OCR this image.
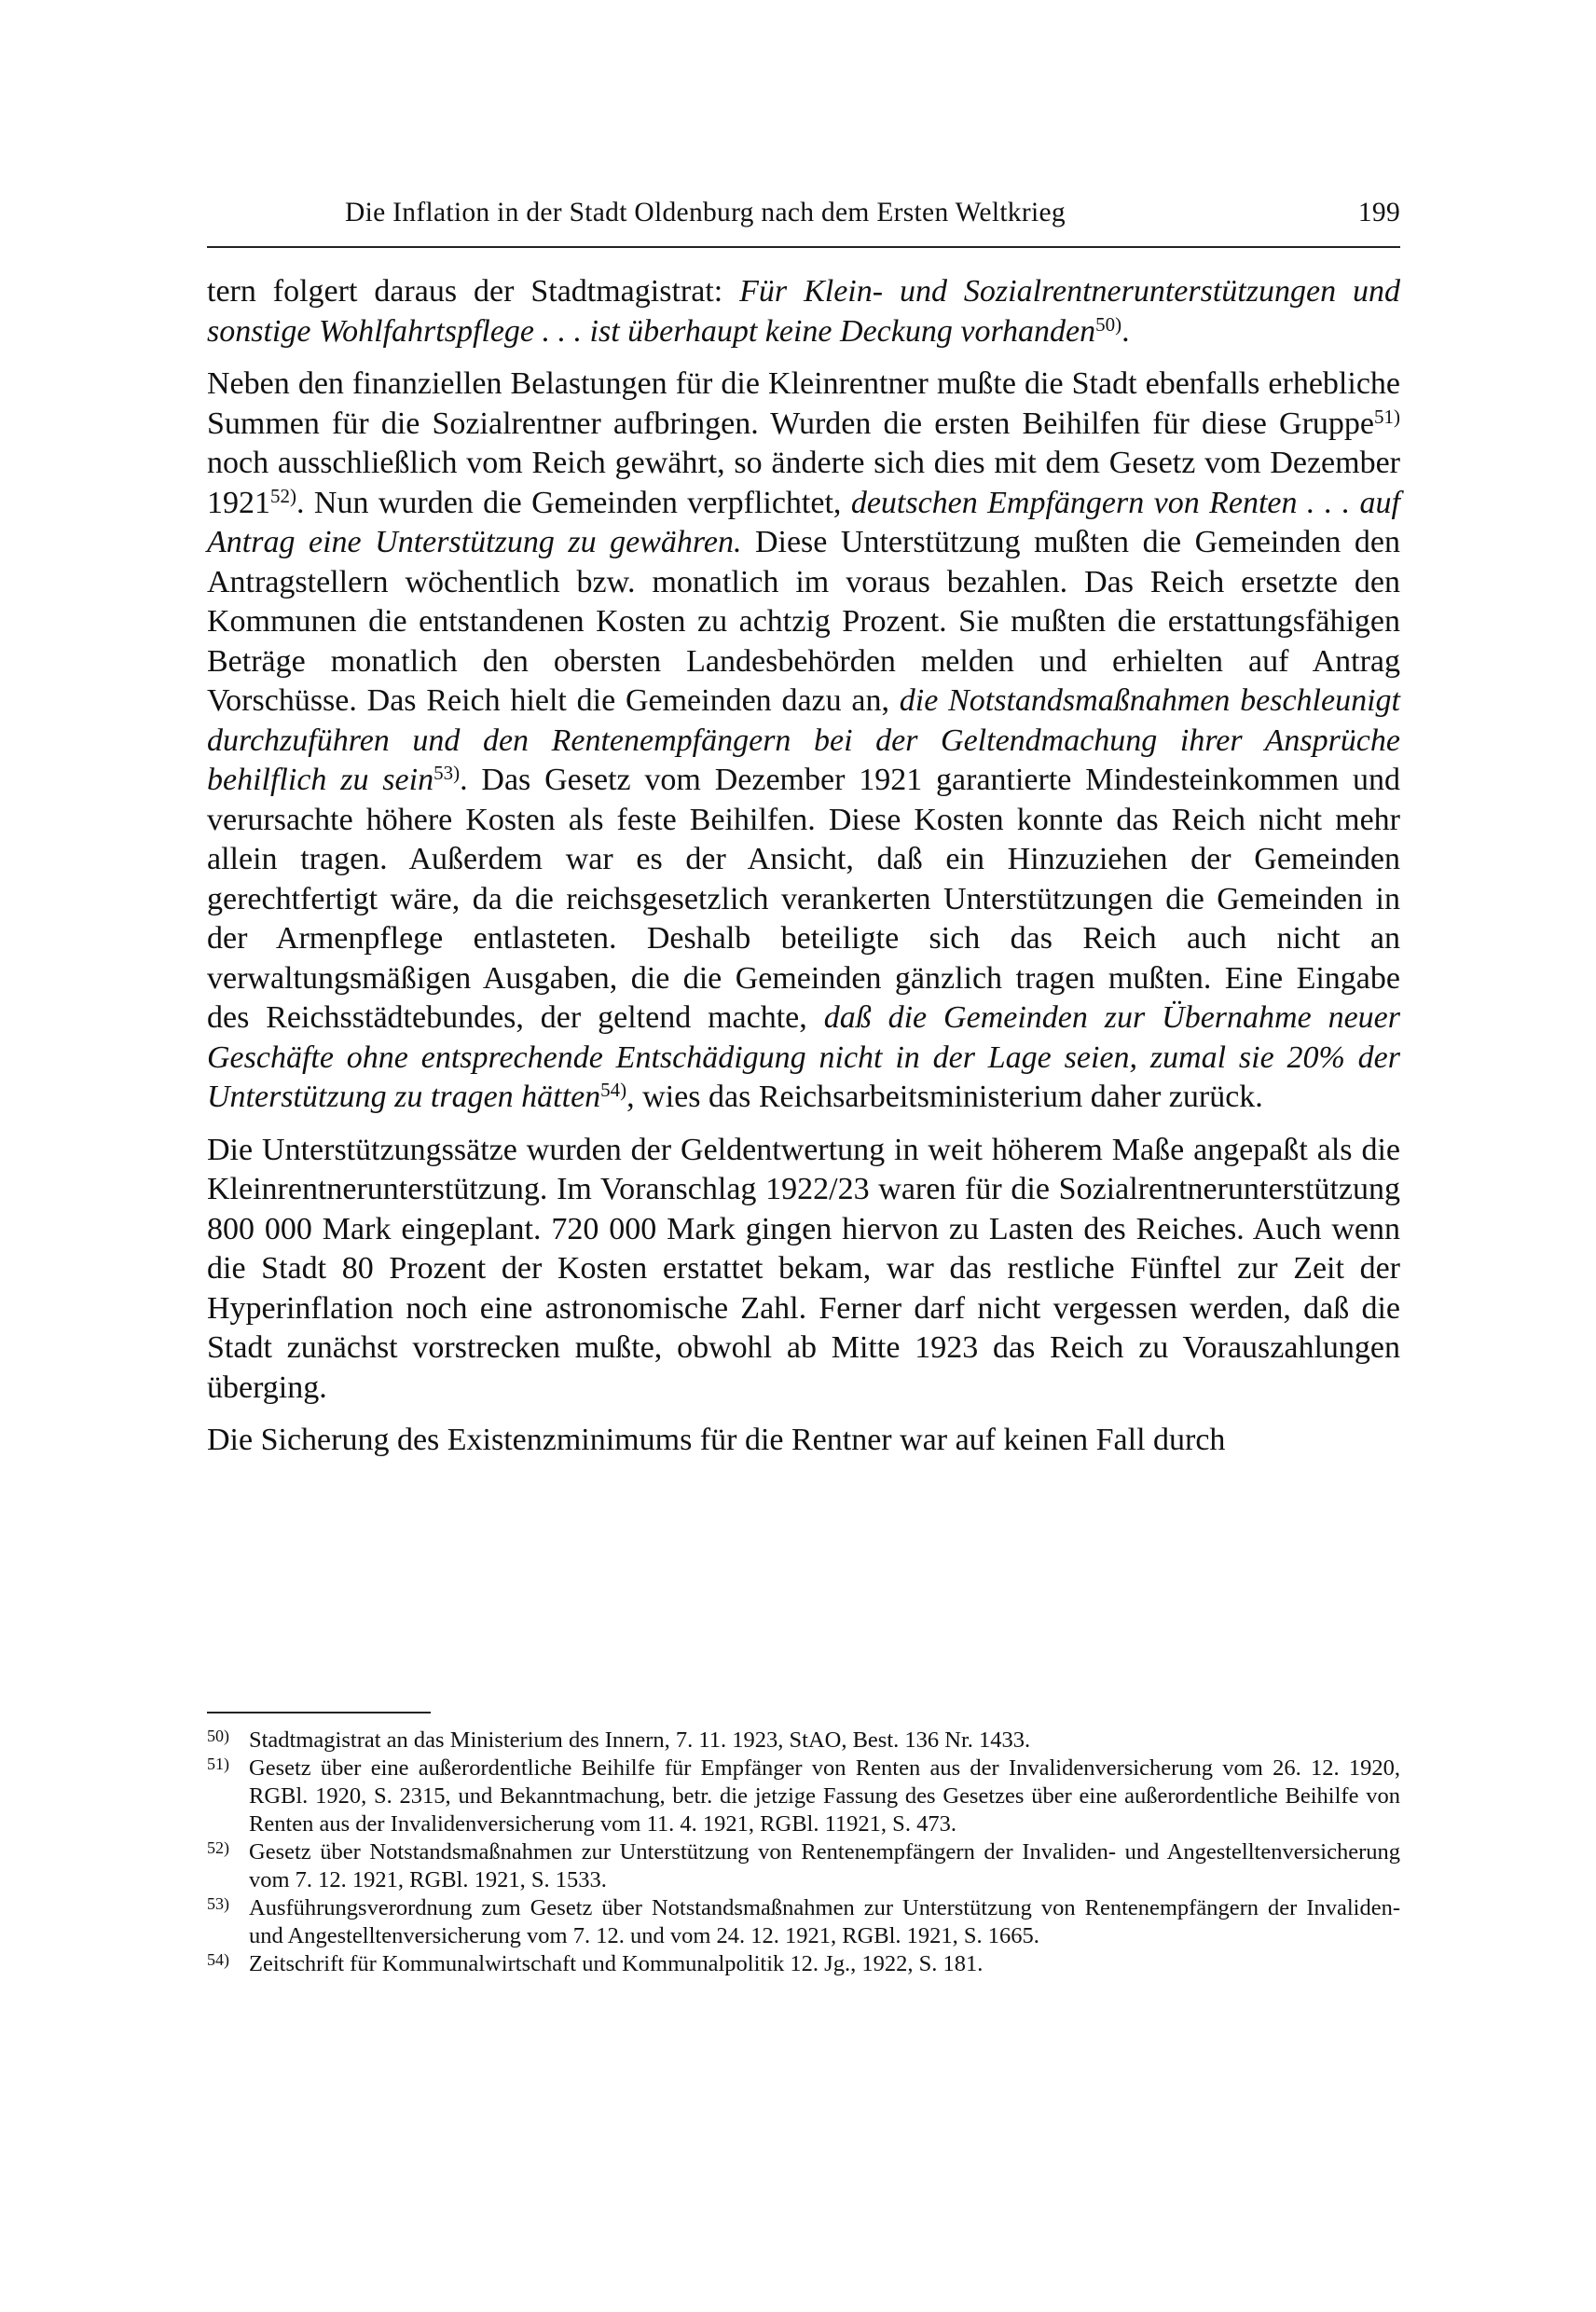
Die Inflation in der Stadt Oldenburg nach dem Ersten Weltkrieg	199

tern folgert daraus der Stadtmagistrat: Für Klein- und Sozialrentnerunterstützungen und sonstige Wohlfahrtspflege . . . ist überhaupt keine Deckung vorhanden$^{50)}$.

Neben den finanziellen Belastungen für die Kleinrentner mußte die Stadt ebenfalls erhebliche Summen für die Sozialrentner aufbringen. Wurden die ersten Beihilfen für diese Gruppe$^{51)}$ noch ausschließlich vom Reich gewährt, so änderte sich dies mit dem Gesetz vom Dezember 1921$^{52)}$. Nun wurden die Gemeinden verpflichtet, deutschen Empfängern von Renten . . . auf Antrag eine Unterstützung zu gewähren. Diese Unterstützung mußten die Gemeinden den Antragstellern wöchentlich bzw. monatlich im voraus bezahlen. Das Reich ersetzte den Kommunen die entstandenen Kosten zu achtzig Prozent. Sie mußten die erstattungsfähigen Beträge monatlich den obersten Landesbehörden melden und erhielten auf Antrag Vorschüsse. Das Reich hielt die Gemeinden dazu an, die Notstandsmaßnahmen beschleunigt durchzuführen und den Rentenempfängern bei der Geltendmachung ihrer Ansprüche behilflich zu sein$^{53)}$. Das Gesetz vom Dezember 1921 garantierte Mindesteinkommen und verursachte höhere Kosten als feste Beihilfen. Diese Kosten konnte das Reich nicht mehr allein tragen. Außerdem war es der Ansicht, daß ein Hinzuziehen der Gemeinden gerechtfertigt wäre, da die reichsgesetzlich verankerten Unterstützungen die Gemeinden in der Armenpflege entlasteten. Deshalb beteiligte sich das Reich auch nicht an verwaltungsmäßigen Ausgaben, die die Gemeinden gänzlich tragen mußten. Eine Eingabe des Reichsstädtebundes, der geltend machte, daß die Gemeinden zur Übernahme neuer Geschäfte ohne entsprechende Entschädigung nicht in der Lage seien, zumal sie 20% der Unterstützung zu tragen hätten$^{54)}$, wies das Reichsarbeitsministerium daher zurück.

Die Unterstützungssätze wurden der Geldentwertung in weit höherem Maße angepaßt als die Kleinrentnerunterstützung. Im Voranschlag 1922/23 waren für die Sozialrentnerunterstützung 800 000 Mark eingeplant. 720 000 Mark gingen hiervon zu Lasten des Reiches. Auch wenn die Stadt 80 Prozent der Kosten erstattet bekam, war das restliche Fünftel zur Zeit der Hyperinflation noch eine astronomische Zahl. Ferner darf nicht vergessen werden, daß die Stadt zunächst vorstrecken mußte, obwohl ab Mitte 1923 das Reich zu Vorauszahlungen überging.

Die Sicherung des Existenzminimums für die Rentner war auf keinen Fall durch

50) Stadtmagistrat an das Ministerium des Innern, 7. 11. 1923, StAO, Best. 136 Nr. 1433.
51) Gesetz über eine außerordentliche Beihilfe für Empfänger von Renten aus der Invalidenversicherung vom 26. 12. 1920, RGBl. 1920, S. 2315, und Bekanntmachung, betr. die jetzige Fassung des Gesetzes über eine außerordentliche Beihilfe von Renten aus der Invalidenversicherung vom 11. 4. 1921, RGBl. 11921, S. 473.
52) Gesetz über Notstandsmaßnahmen zur Unterstützung von Rentenempfängern der Invaliden- und Angestelltenversicherung vom 7. 12. 1921, RGBl. 1921, S. 1533.
53) Ausführungsverordnung zum Gesetz über Notstandsmaßnahmen zur Unterstützung von Rentenempfängern der Invaliden- und Angestelltenversicherung vom 7. 12. und vom 24. 12. 1921, RGBl. 1921, S. 1665.
54) Zeitschrift für Kommunalwirtschaft und Kommunalpolitik 12. Jg., 1922, S. 181.
